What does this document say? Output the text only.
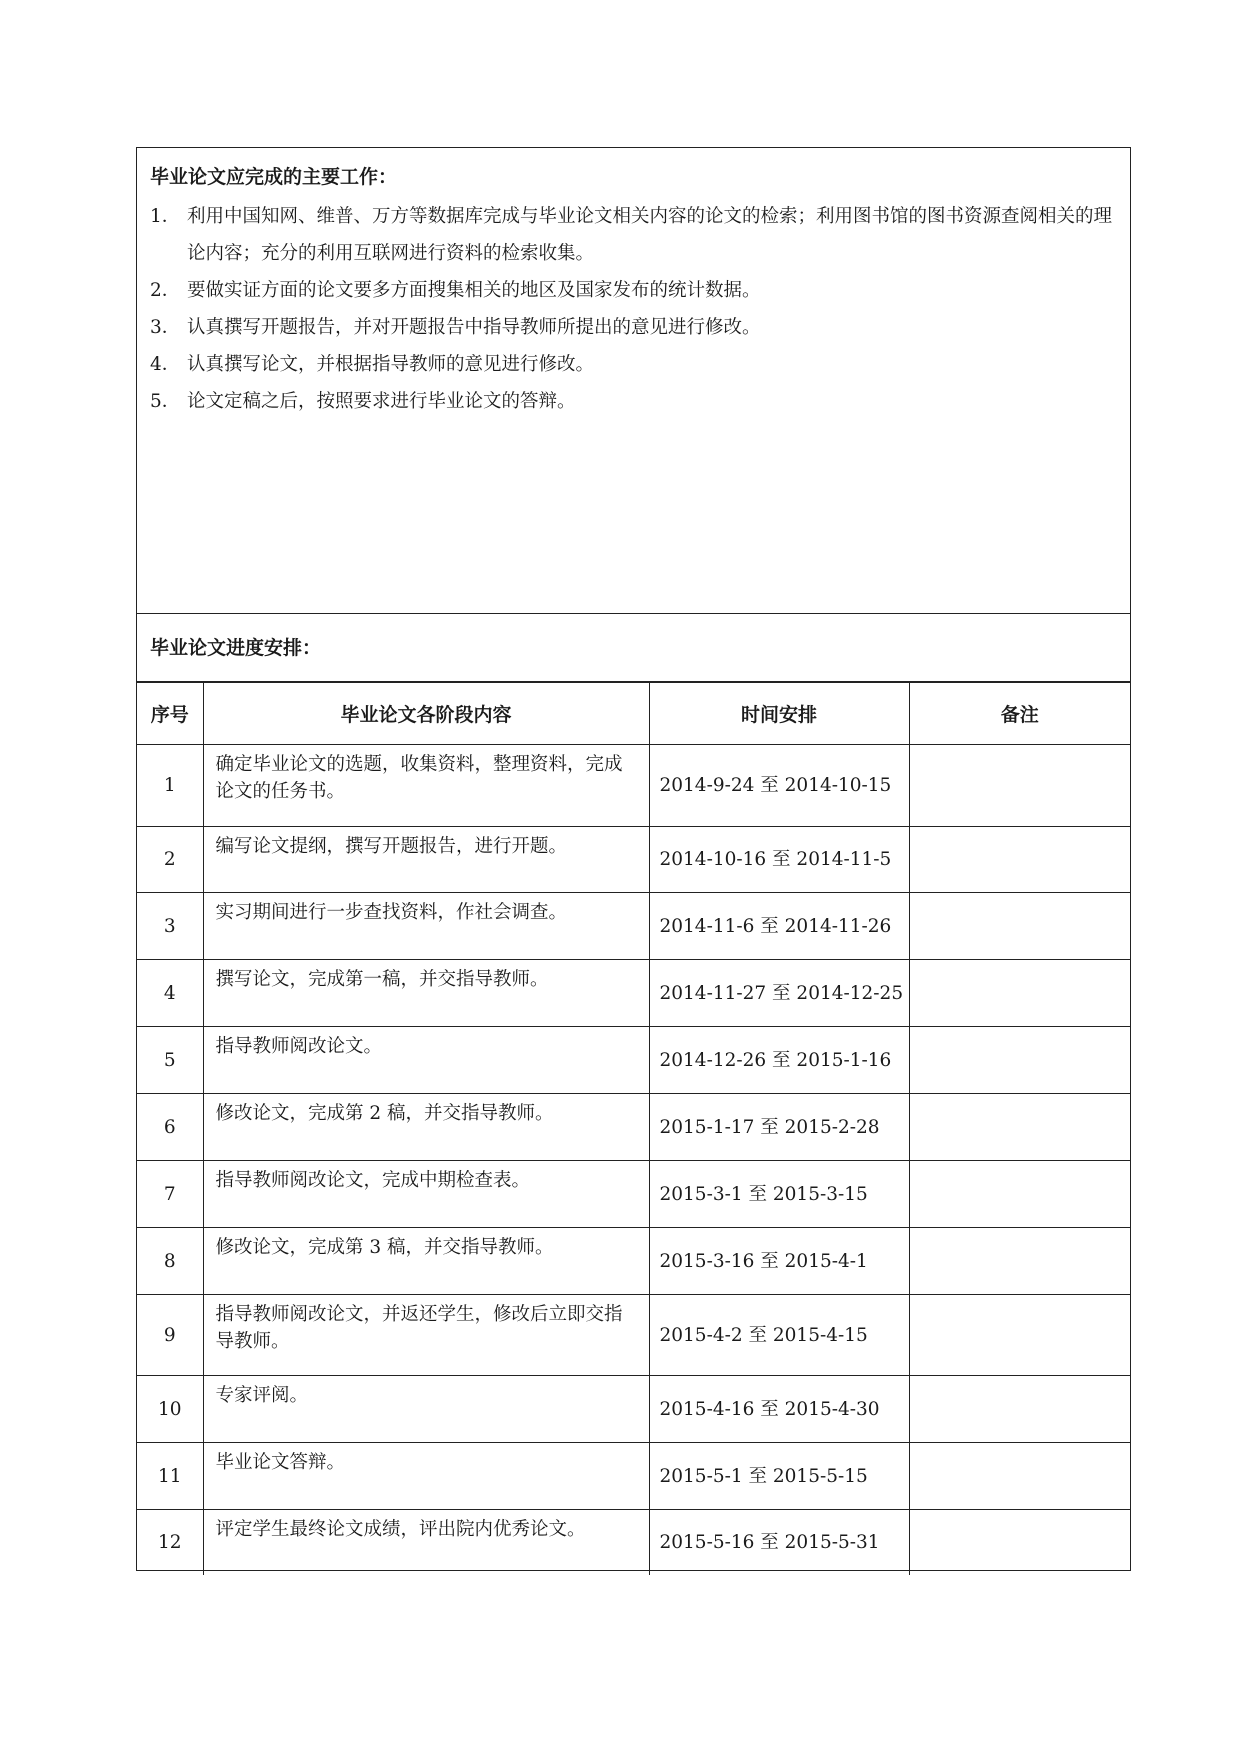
毕业论文应完成的主要工作：
1． 利用中国知网、维普、万方等数据库完成与毕业论文相关内容的论文的检索；利用图书馆的图书资源查阅相关的理论内容；充分的利用互联网进行资料的检索收集。
2． 要做实证方面的论文要多方面搜集相关的地区及国家发布的统计数据。
3． 认真撰写开题报告，并对开题报告中指导教师所提出的意见进行修改。
4． 认真撰写论文，并根据指导教师的意见进行修改。
5． 论文定稿之后，按照要求进行毕业论文的答辩。
毕业论文进度安排：
序号	毕业论文各阶段内容	时间安排	备注
1	确定毕业论文的选题，收集资料，整理资料，完成论文的任务书。	2014-9-24 至 2014-10-15	
2	编写论文提纲，撰写开题报告，进行开题。	2014-10-16 至 2014-11-5	
3	实习期间进行一步查找资料，作社会调查。	2014-11-6 至 2014-11-26	
4	撰写论文，完成第一稿，并交指导教师。	2014-11-27 至 2014-12-25	
5	指导教师阅改论文。	2014-12-26 至 2015-1-16	
6	修改论文，完成第 2 稿，并交指导教师。	2015-1-17 至 2015-2-28	
7	指导教师阅改论文，完成中期检查表。	2015-3-1 至 2015-3-15	
8	修改论文，完成第 3 稿，并交指导教师。	2015-3-16 至 2015-4-1	
9	指导教师阅改论文，并返还学生，修改后立即交指导教师。	2015-4-2 至 2015-4-15	
10	专家评阅。	2015-4-16 至 2015-4-30	
11	毕业论文答辩。	2015-5-1 至 2015-5-15	
12	评定学生最终论文成绩，评出院内优秀论文。	2015-5-16 至 2015-5-31	
